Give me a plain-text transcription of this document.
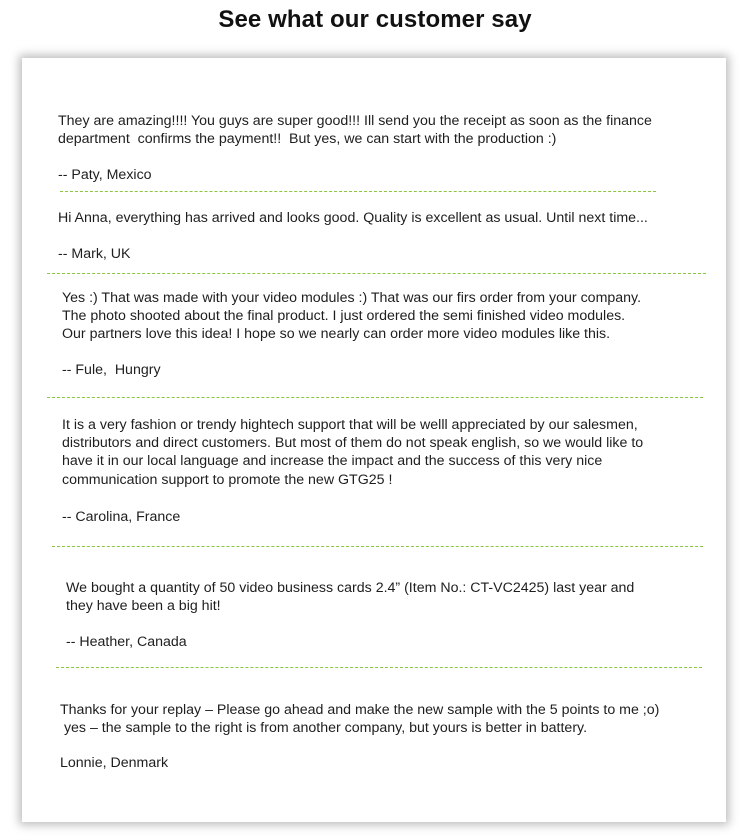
See what our customer say
They are amazing!!!! You guys are super good!!! Ill send you the receipt as soon as the finance
department  confirms the payment!!  But yes, we can start with the production :)
-- Paty, Mexico
Hi Anna, everything has arrived and looks good. Quality is excellent as usual. Until next time...
-- Mark, UK
Yes :) That was made with your video modules :) That was our firs order from your company.
The photo shooted about the final product. I just ordered the semi finished video modules.
Our partners love this idea! I hope so we nearly can order more video modules like this.
-- Fule,  Hungry
It is a very fashion or trendy hightech support that will be welll appreciated by our salesmen,
distributors and direct customers. But most of them do not speak english, so we would like to
have it in our local language and increase the impact and the success of this very nice
communication support to promote the new GTG25 !
-- Carolina, France
We bought a quantity of 50 video business cards 2.4” (Item No.: CT-VC2425) last year and
they have been a big hit!
-- Heather, Canada
Thanks for your replay – Please go ahead and make the new sample with the 5 points to me ;o)
yes – the sample to the right is from another company, but yours is better in battery.
Lonnie, Denmark
